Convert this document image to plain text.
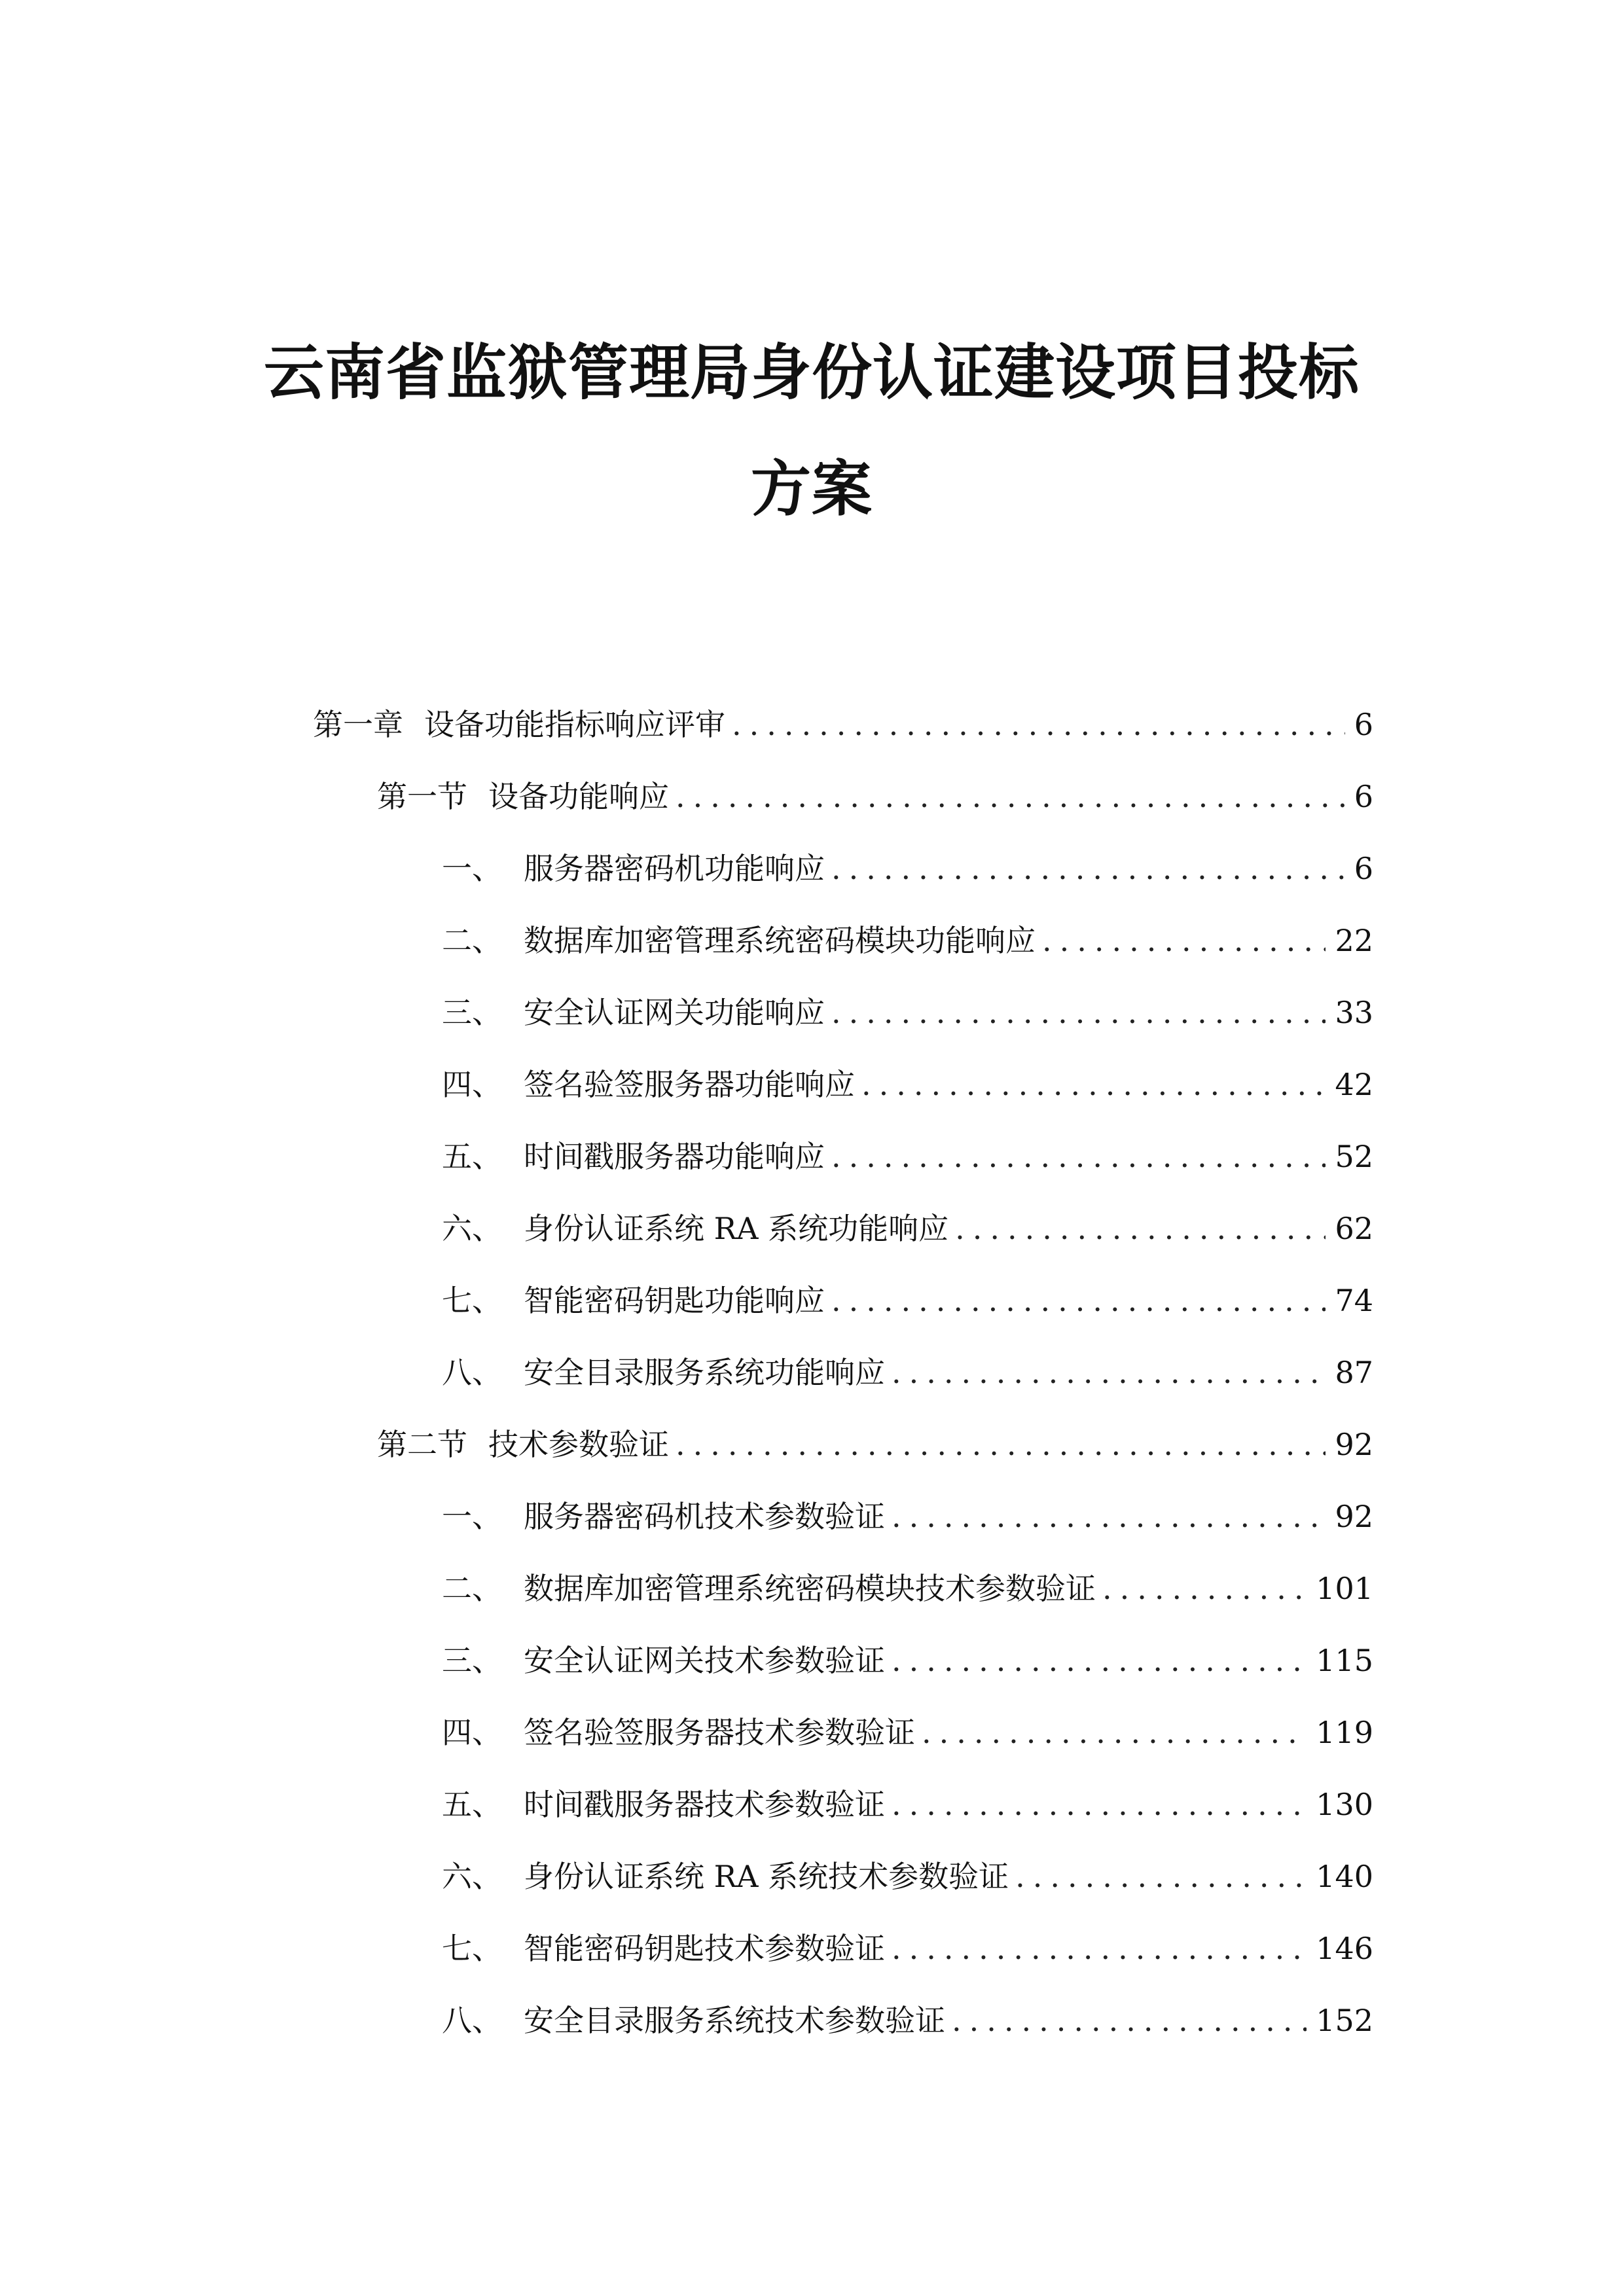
云南省监狱管理局身份认证建设项目投标
方案
第一章 设备功能指标响应评审 .....	6
第一节 设备功能响应 .....	6
一、 服务器密码机功能响应 .....	6
二、 数据库加密管理系统密码模块功能响应 .....	22
三、 安全认证网关功能响应 .....	33
四、 签名验签服务器功能响应 .....	42
五、 时间戳服务器功能响应 .....	52
六、 身份认证系统 RA 系统功能响应 .....	62
七、 智能密码钥匙功能响应 .....	74
八、 安全目录服务系统功能响应 .....	87
第二节 技术参数验证 .....	92
一、 服务器密码机技术参数验证 .....	92
二、 数据库加密管理系统密码模块技术参数验证 .....	101
三、 安全认证网关技术参数验证 .....	115
四、 签名验签服务器技术参数验证 .....	119
五、 时间戳服务器技术参数验证 .....	130
六、 身份认证系统 RA 系统技术参数验证 .....	140
七、 智能密码钥匙技术参数验证 .....	146
八、 安全目录服务系统技术参数验证 .....	152
